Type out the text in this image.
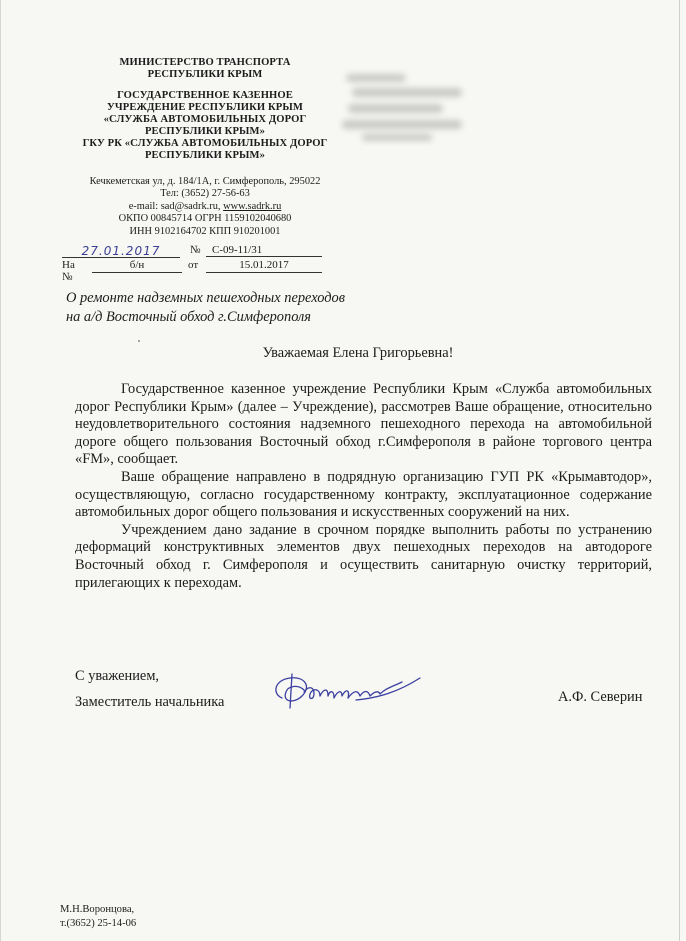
МИНИСТЕРСТВО ТРАНСПОРТА
РЕСПУБЛИКИ КРЫМ
ГОСУДАРСТВЕННОЕ КАЗЕННОЕ
УЧРЕЖДЕНИЕ РЕСПУБЛИКИ КРЫМ
«СЛУЖБА АВТОМОБИЛЬНЫХ ДОРОГ
РЕСПУБЛИКИ КРЫМ»
ГКУ РК «СЛУЖБА АВТОМОБИЛЬНЫХ ДОРОГ
РЕСПУБЛИКИ КРЫМ»
Кечкеметская ул, д. 184/1А, г. Симферополь, 295022
Тел: (3652) 27-56-63
e-mail: sad@sadrk.ru, www.sadrk.ru
ОКПО 00845714 ОГРН 1159102040680
ИНН 9102164702 КПП 910201001
27.01.2017	№	С-09-11/31
На №
б/н	от	15.01.2017
О ремонте надземных пешеходных переходов
на а/д Восточный обход г.Симферополя
Уважаемая Елена Григорьевна!

Государственное казенное учреждение Республики Крым «Служба автомобильных дорог Республики Крым» (далее – Учреждение), рассмотрев Ваше обращение, относительно неудовлетворительного состояния надземного пешеходного перехода на автомобильной дороге общего пользования Восточный обход г.Симферополя в районе торгового центра «FM», сообщает.

Ваше обращение направлено в подрядную организацию ГУП РК «Крымавтодор», осуществляющую, согласно государственному контракту, эксплуатационное содержание автомобильных дорог общего пользования и искусственных сооружений на них.

Учреждением дано задание в срочном порядке выполнить работы по устранению деформаций конструктивных элементов двух пешеходных переходов на автодороге Восточный обход г. Симферополя и осуществить санитарную очистку территорий, прилегающих к переходам.

С уважением,
Заместитель начальника	А.Ф. Северин
М.Н.Воронцова,
т.(3652) 25-14-06
